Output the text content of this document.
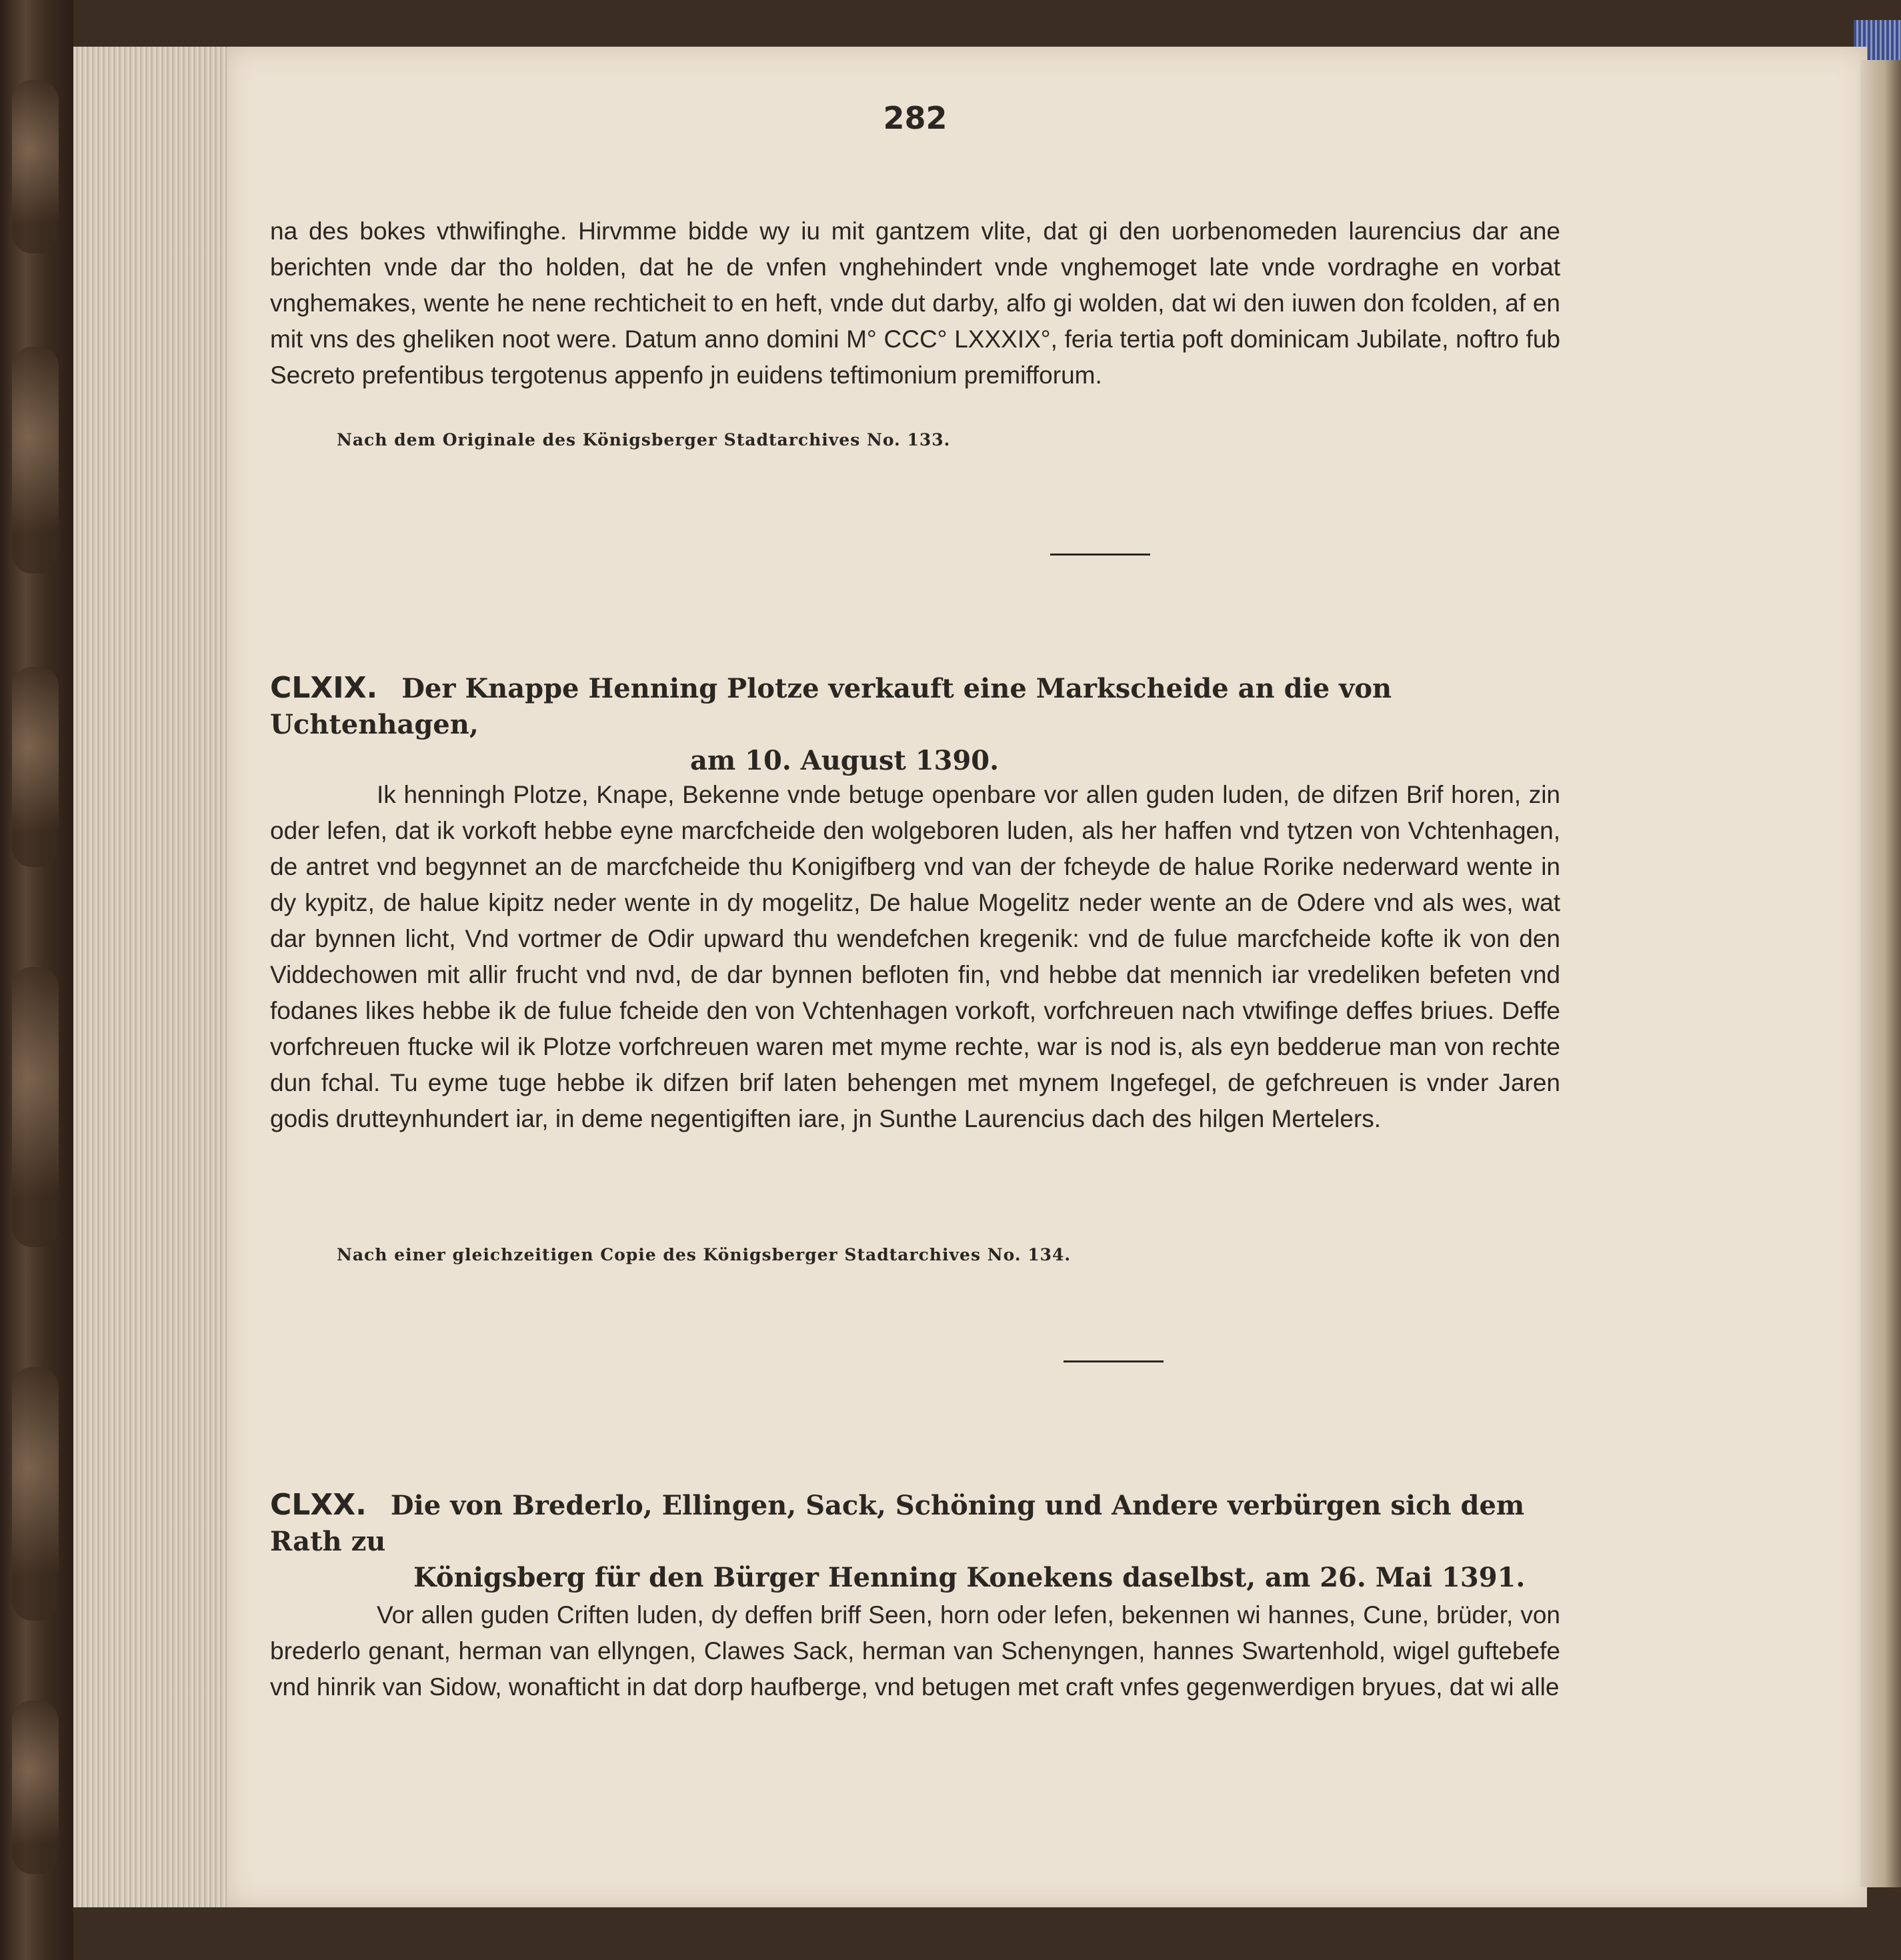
282

na des bokes vthwifinghe. Hirvmme bidde wy iu mit gantzem vlite, dat gi den uorbenomeden laurencius dar ane berichten vnde dar tho holden, dat he de vnfen vnghehindert vnde vnghemoget late vnde vordraghe en vorbat vnghemakes, wente he nene rechticheit to en heft, vnde dut darby, alfo gi wolden, dat wi den iuwen don fcolden, af en mit vns des gheliken noot were. Datum anno domini M° CCC° LXXXIX°, feria tertia poft dominicam Jubilate, noftro fub Secreto prefentibus tergotenus appenfo jn euidens teftimonium premifforum.

Nach dem Originale des Königsberger Stadtarchives No. 133.

CLXIX. Der Knappe Henning Plotze verkauft eine Markscheide an die von Uchtenhagen,
am 10. August 1390.

Ik henningh Plotze, Knape, Bekenne vnde betuge openbare vor allen guden luden, de difzen Brif horen, zin oder lefen, dat ik vorkoft hebbe eyne marcfcheide den wolgeboren luden, als her haffen vnd tytzen von Vchtenhagen, de antret vnd begynnet an de marcfcheide thu Konigifberg vnd van der fcheyde de halue Rorike nederward wente in dy kypitz, de halue kipitz neder wente in dy mogelitz, De halue Mogelitz neder wente an de Odere vnd als wes, wat dar bynnen licht, Vnd vortmer de Odir upward thu wendefchen kregenik: vnd de fulue marcfcheide kofte ik von den Viddechowen mit allir frucht vnd nvd, de dar bynnen befloten fin, vnd hebbe dat mennich iar vredeliken befeten vnd fodanes likes hebbe ik de fulue fcheide den von Vchtenhagen vorkoft, vorfchreuen nach vtwifinge deffes briues. Deffe vorfchreuen ftucke wil ik Plotze vorfchreuen waren met myme rechte, war is nod is, als eyn bedderue man von rechte dun fchal. Tu eyme tuge hebbe ik difzen brif laten behengen met mynem Ingefegel, de gefchreuen is vnder Jaren godis drutteynhundert iar, in deme negentigiften iare, jn Sunthe Laurencius dach des hilgen Mertelers.

Nach einer gleichzeitigen Copie des Königsberger Stadtarchives No. 134.

CLXX. Die von Brederlo, Ellingen, Sack, Schöning und Andere verbürgen sich dem Rath zu
Königsberg für den Bürger Henning Konekens daselbst, am 26. Mai 1391.

Vor allen guden Criften luden, dy deffen briff Seen, horn oder lefen, bekennen wi hannes, Cune, brüder, von brederlo genant, herman van ellyngen, Clawes Sack, herman van Schenyngen, hannes Swartenhold, wigel guftebefe vnd hinrik van Sidow, wonafticht in dat dorp haufberge, vnd betugen met craft vnfes gegenwerdigen bryues, dat wi alle
